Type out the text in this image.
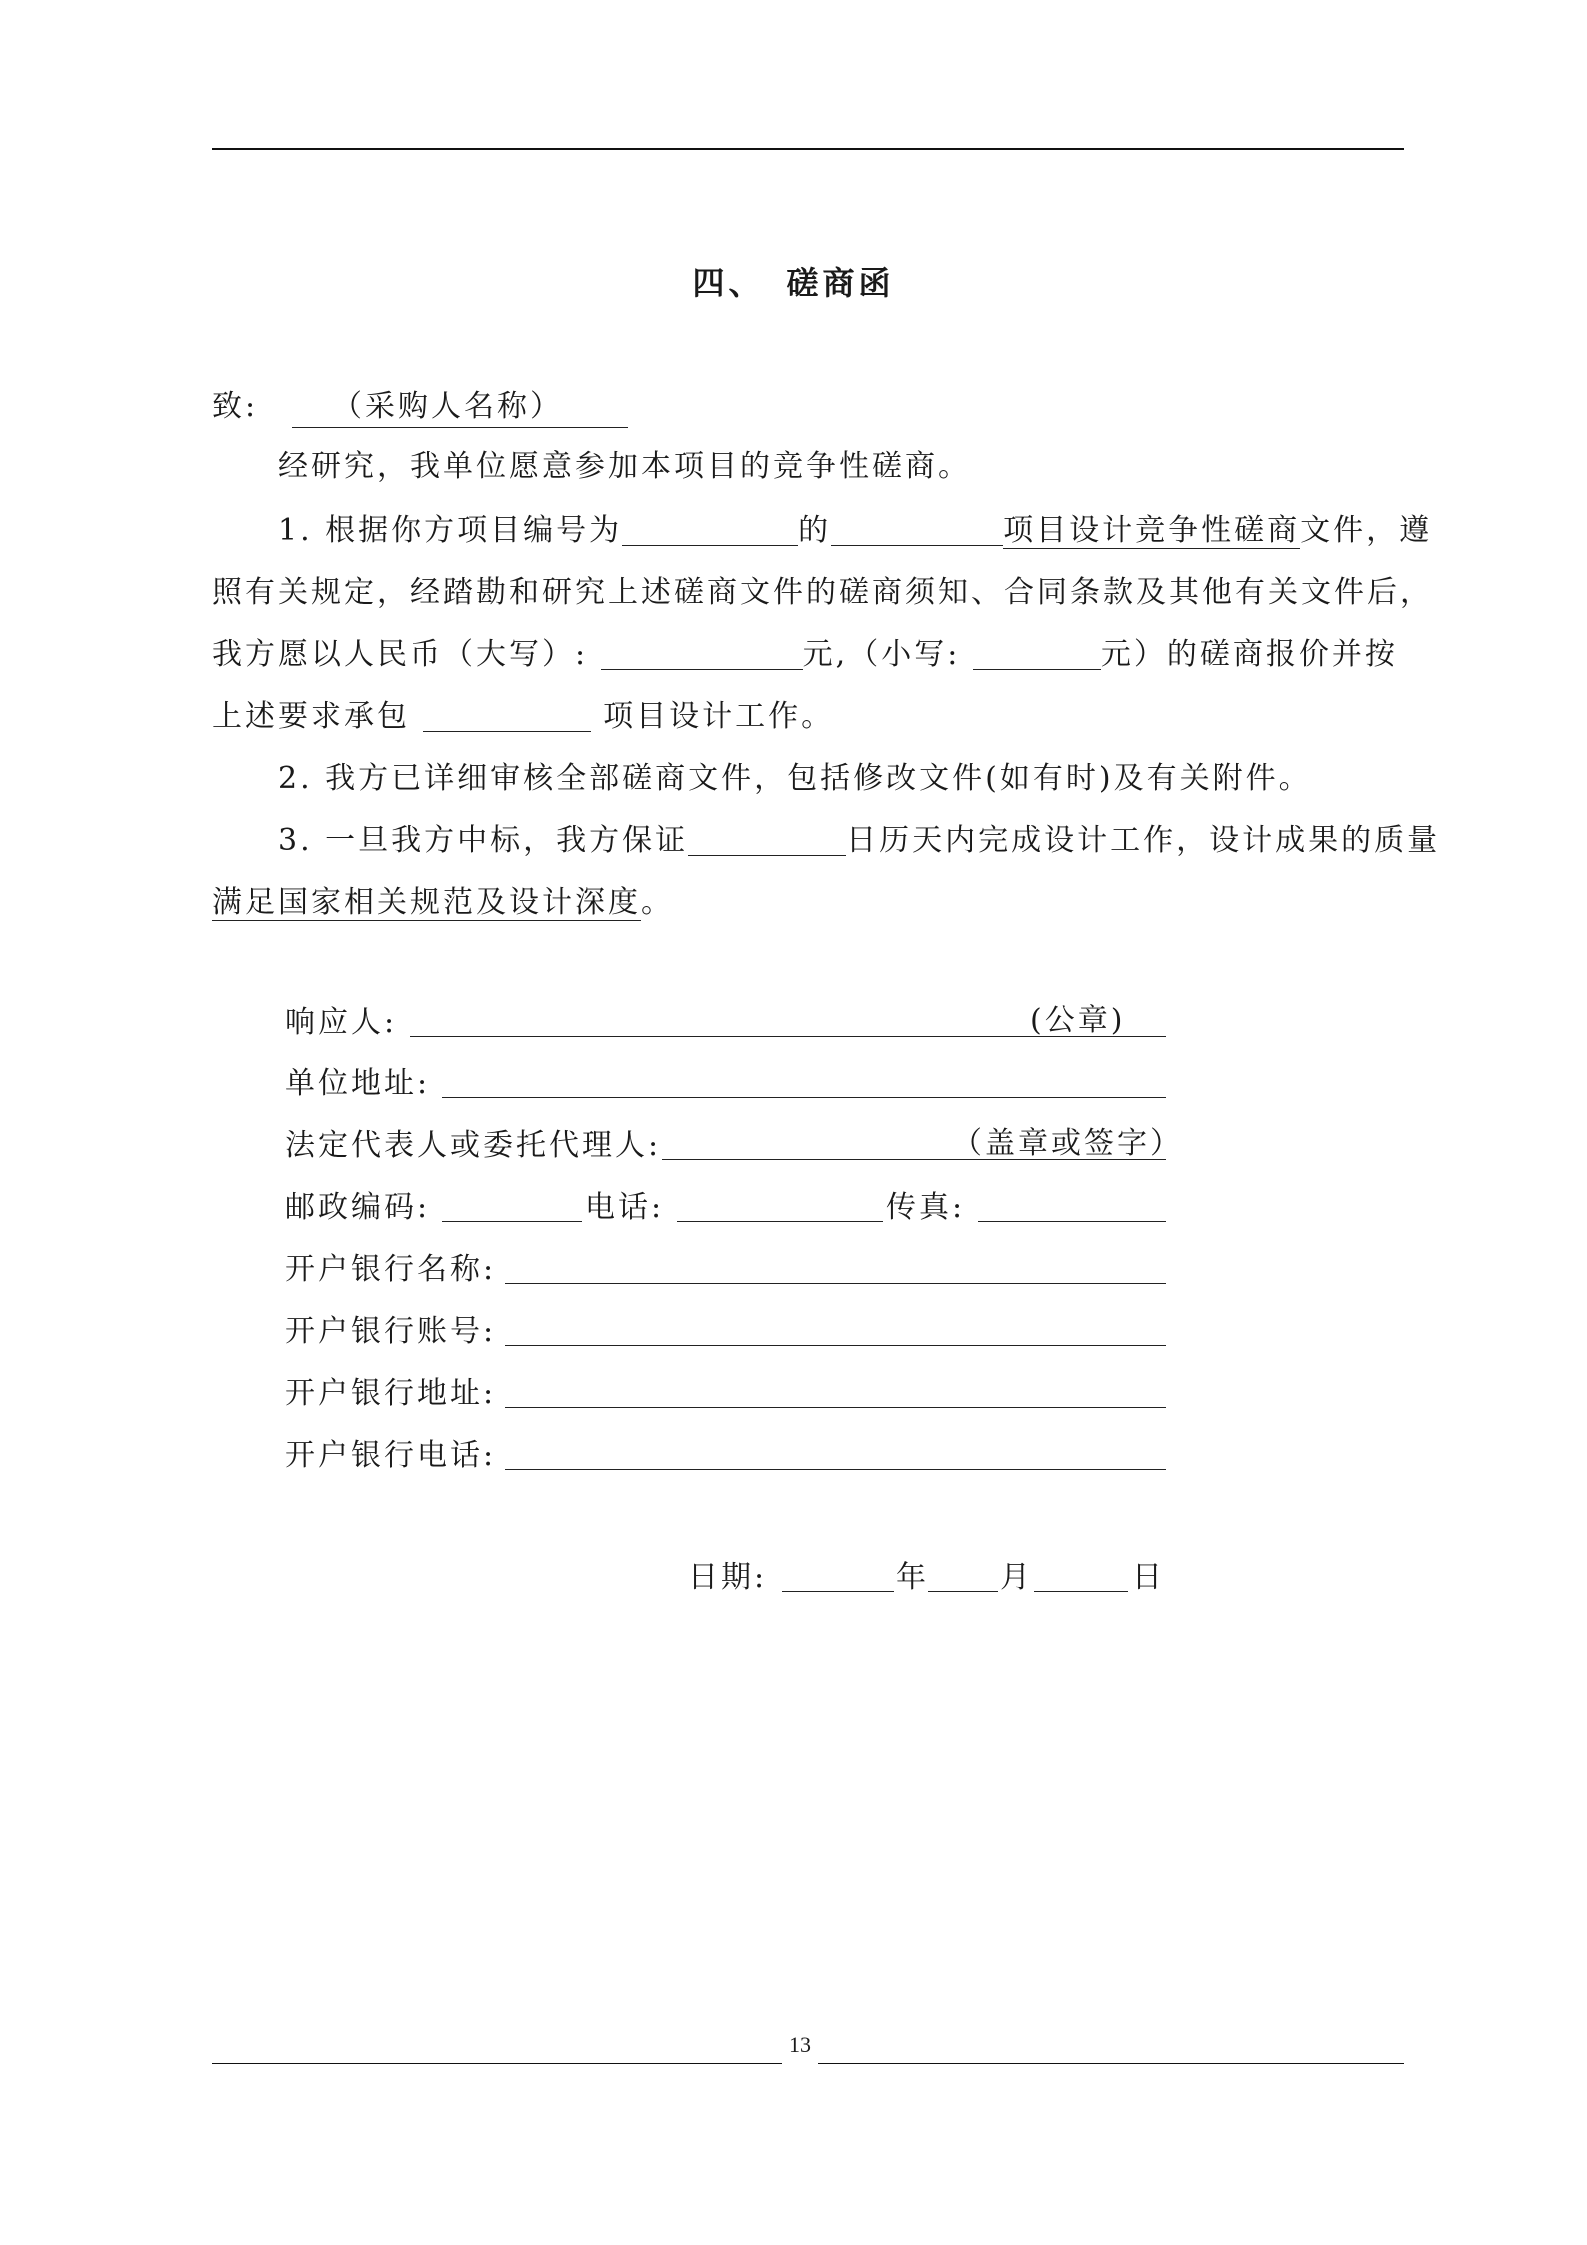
四、 磋商函
致:	（采购人名称）
经研究，我单位愿意参加本项目的竞争性磋商。
1. 根据你方项目编号为	的	项目设计竞争性磋商文件，遵
照有关规定，经踏勘和研究上述磋商文件的磋商须知、合同条款及其他有关文件后，
我方愿以人民币（大写）:	元,（小写:	元）的磋商报价并按
上述要求承包	项目设计工作。
2. 我方已详细审核全部磋商文件，包括修改文件(如有时)及有关附件。
3. 一旦我方中标，我方保证	日历天内完成设计工作，设计成果的质量
满足国家相关规范及设计深度。
响应人:	(公章)
单位地址:
法定代表人或委托代理人:	（盖章或签字）
邮政编码:	电话:	传真:
开户银行名称:
开户银行账号:
开户银行地址:
开户银行电话:
日期:	年 月	日
13
